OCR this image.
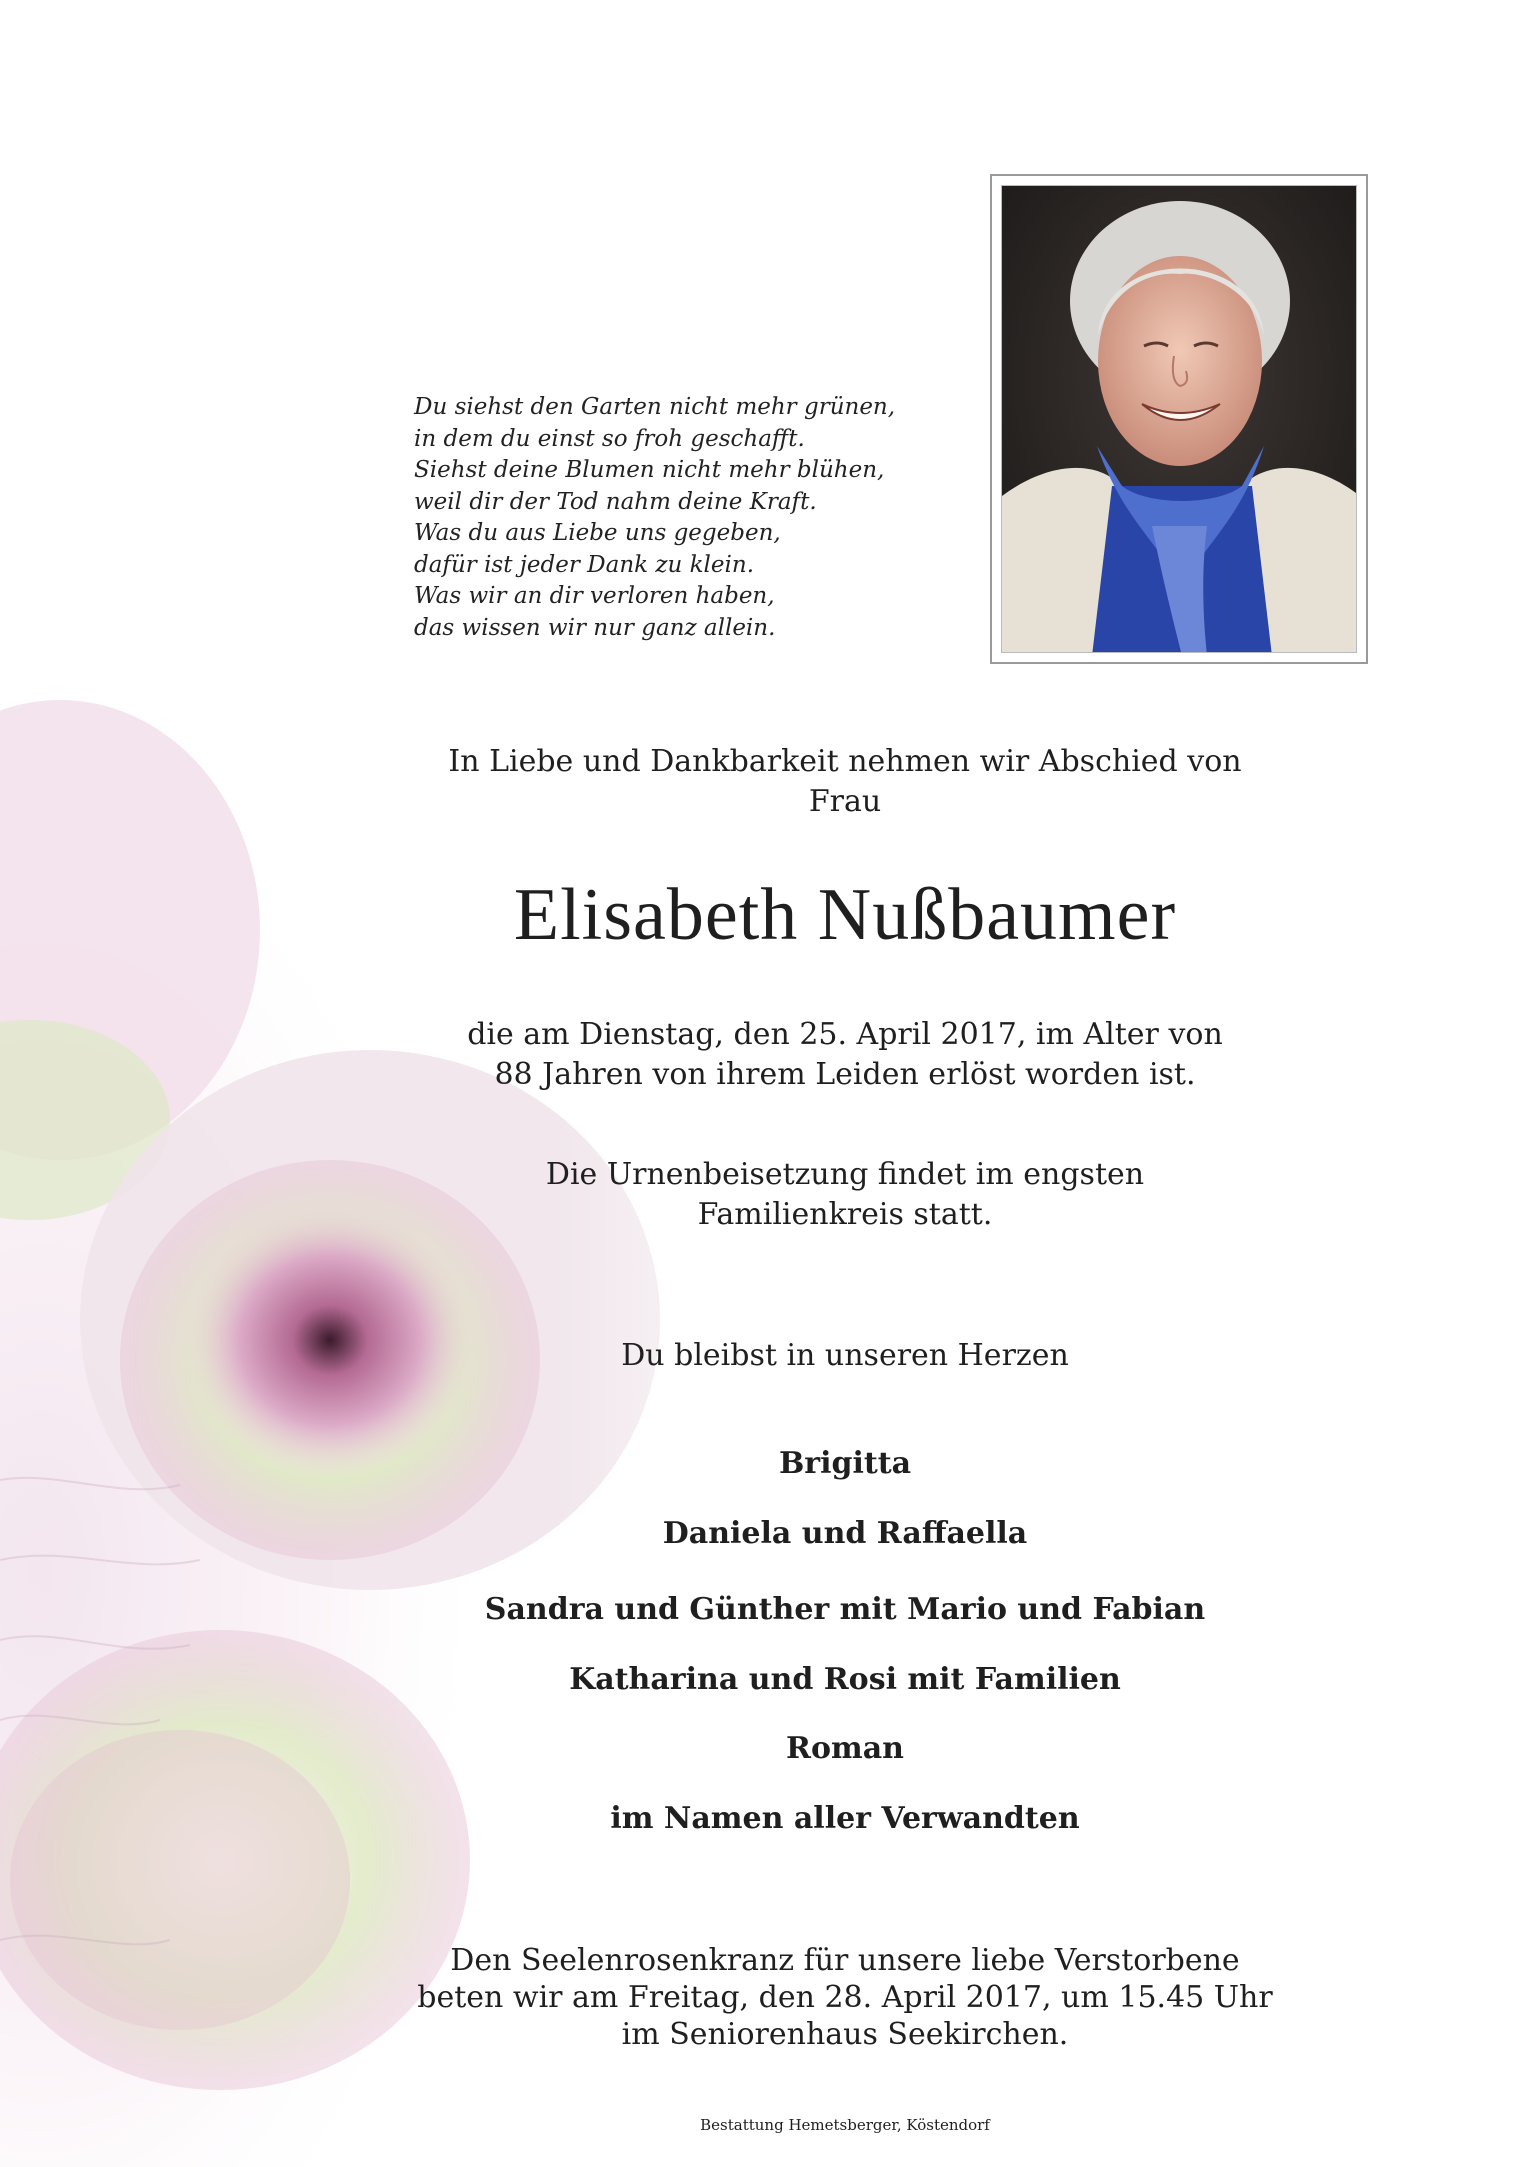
Du siehst den Garten nicht mehr grünen,
in dem du einst so froh geschafft.
Siehst deine Blumen nicht mehr blühen,
weil dir der Tod nahm deine Kraft.
Was du aus Liebe uns gegeben,
dafür ist jeder Dank zu klein.
Was wir an dir verloren haben,
das wissen wir nur ganz allein.
In Liebe und Dankbarkeit nehmen wir Abschied von
Frau
Elisabeth Nußbaumer
die am Dienstag, den 25. April 2017, im Alter von
88 Jahren von ihrem Leiden erlöst worden ist.
Die Urnenbeisetzung findet im engsten
Familienkreis statt.
Du bleibst in unseren Herzen
Brigitta
Daniela und Raffaella
Sandra und Günther mit Mario und Fabian
Katharina und Rosi mit Familien
Roman
im Namen aller Verwandten
Den Seelenrosenkranz für unsere liebe Verstorbene
beten wir am Freitag, den 28. April 2017, um 15.45 Uhr
im Seniorenhaus Seekirchen.
Bestattung Hemetsberger, Köstendorf
